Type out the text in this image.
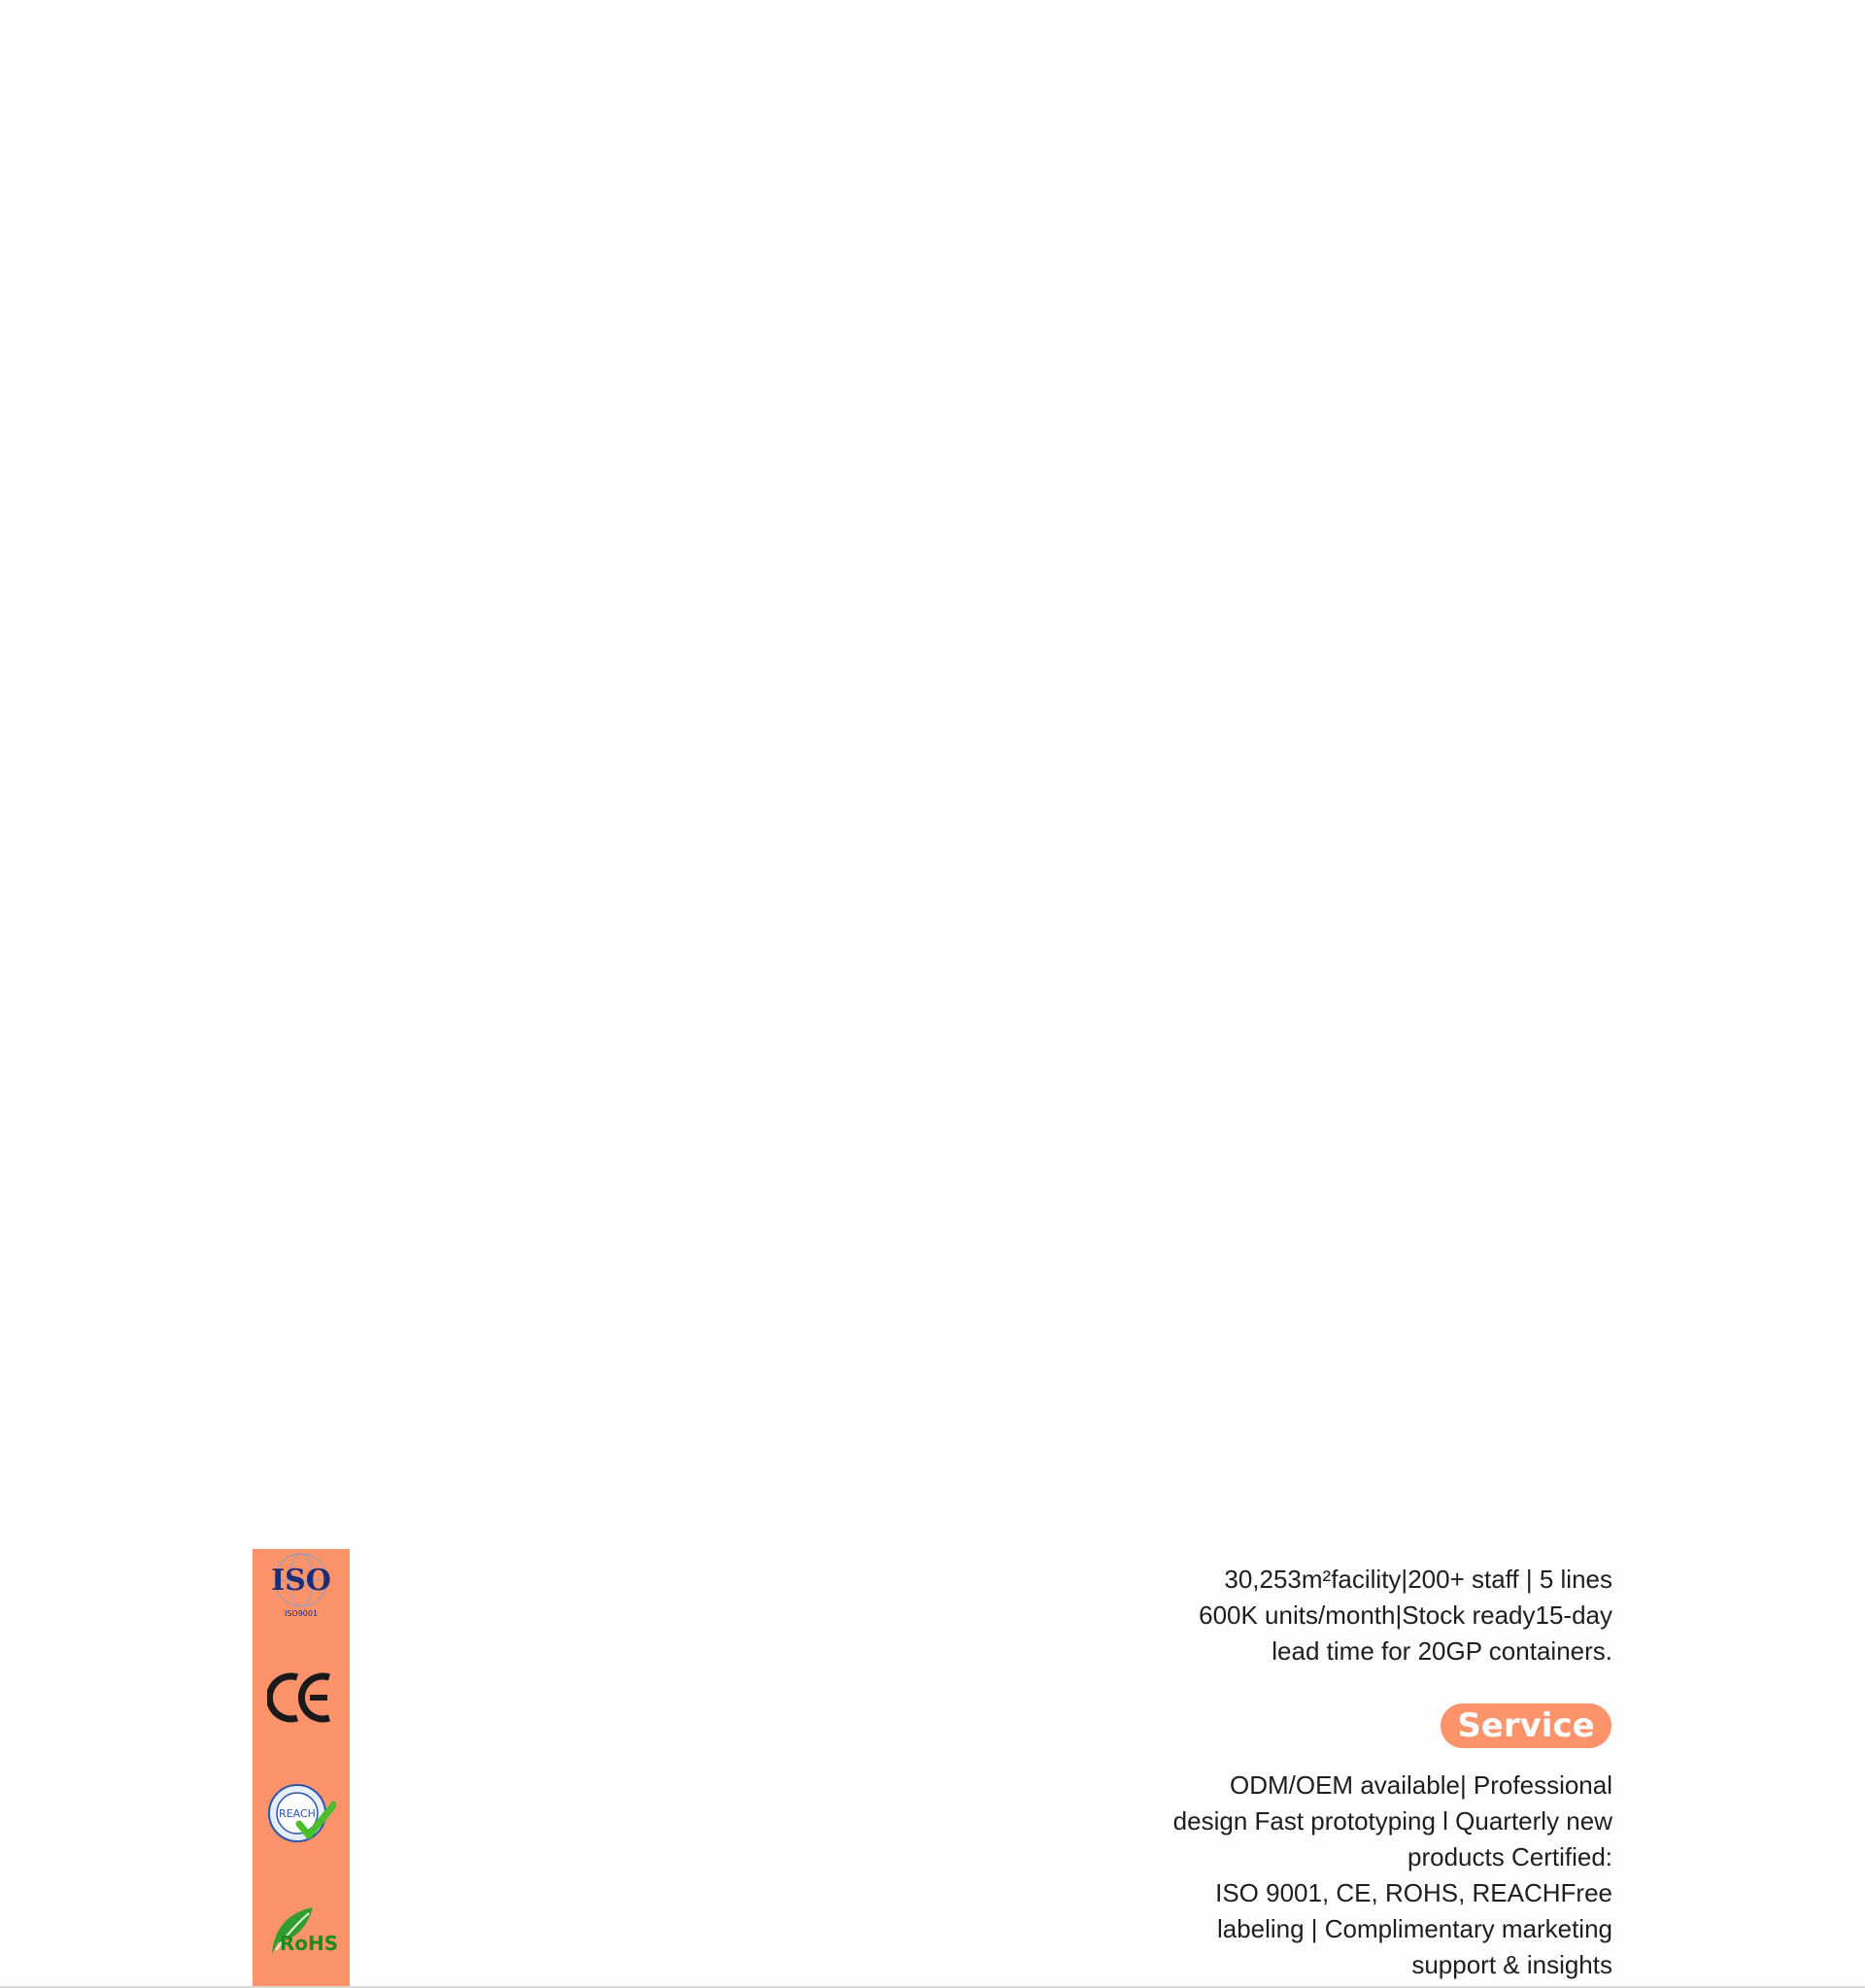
ISO
ISO9001
REACH
RoHS
30,253m²facility|200+ staff | 5 lines
600K units/month|Stock ready15-day
lead time for 20GP containers.
Service
ODM/OEM available| Professional
design Fast prototyping l Quarterly new
products Certified:
ISO 9001, CE, ROHS, REACHFree
labeling | Complimentary marketing
support & insights
